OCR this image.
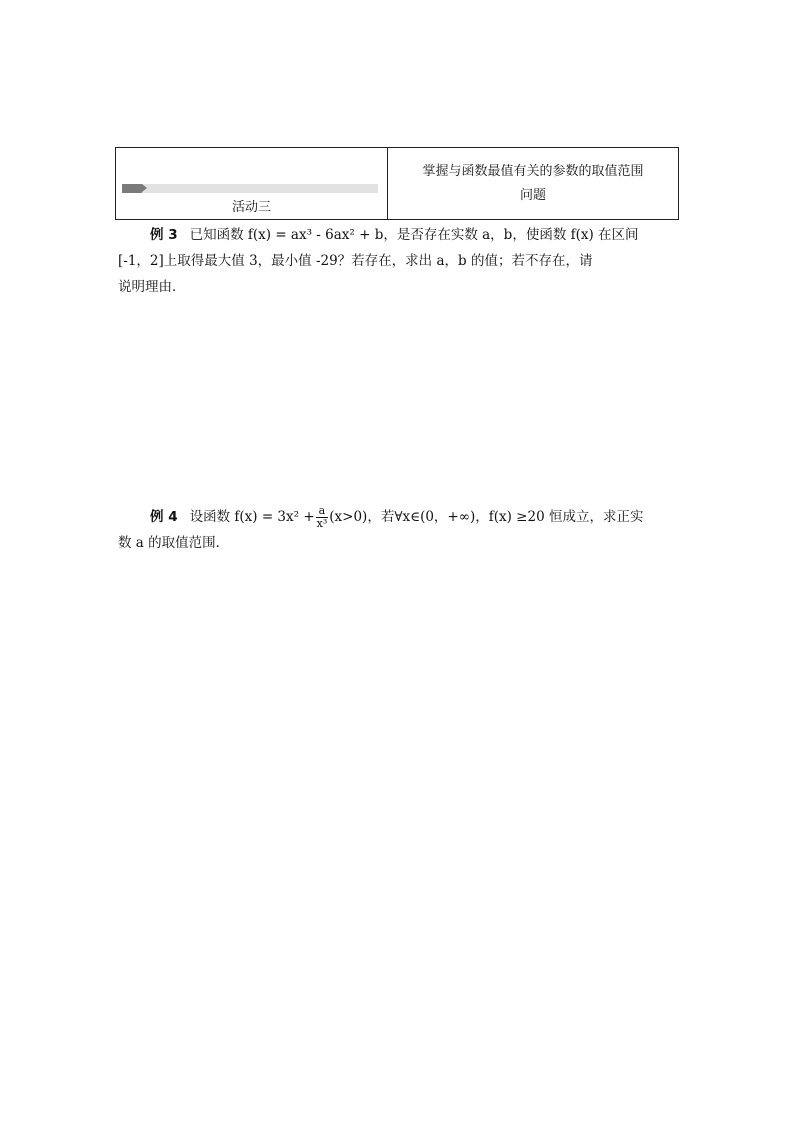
活动三
掌握与函数最值有关的参数的取值范围
问题
例 3 已知函数 f(x) = ax³ - 6ax² + b，是否存在实数 a，b，使函数 f(x) 在区间
[-1，2]上取得最大值 3，最小值 -29？若存在，求出 a，b 的值；若不存在，请
说明理由．
例 4 设函数 $f(x) = 3x^2 + \frac{a}{\text{x³}} (x>0)$，若∀x∈(0，+∞)，f(x) ≥20 恒成立，求正实
数 a 的取值范围．
